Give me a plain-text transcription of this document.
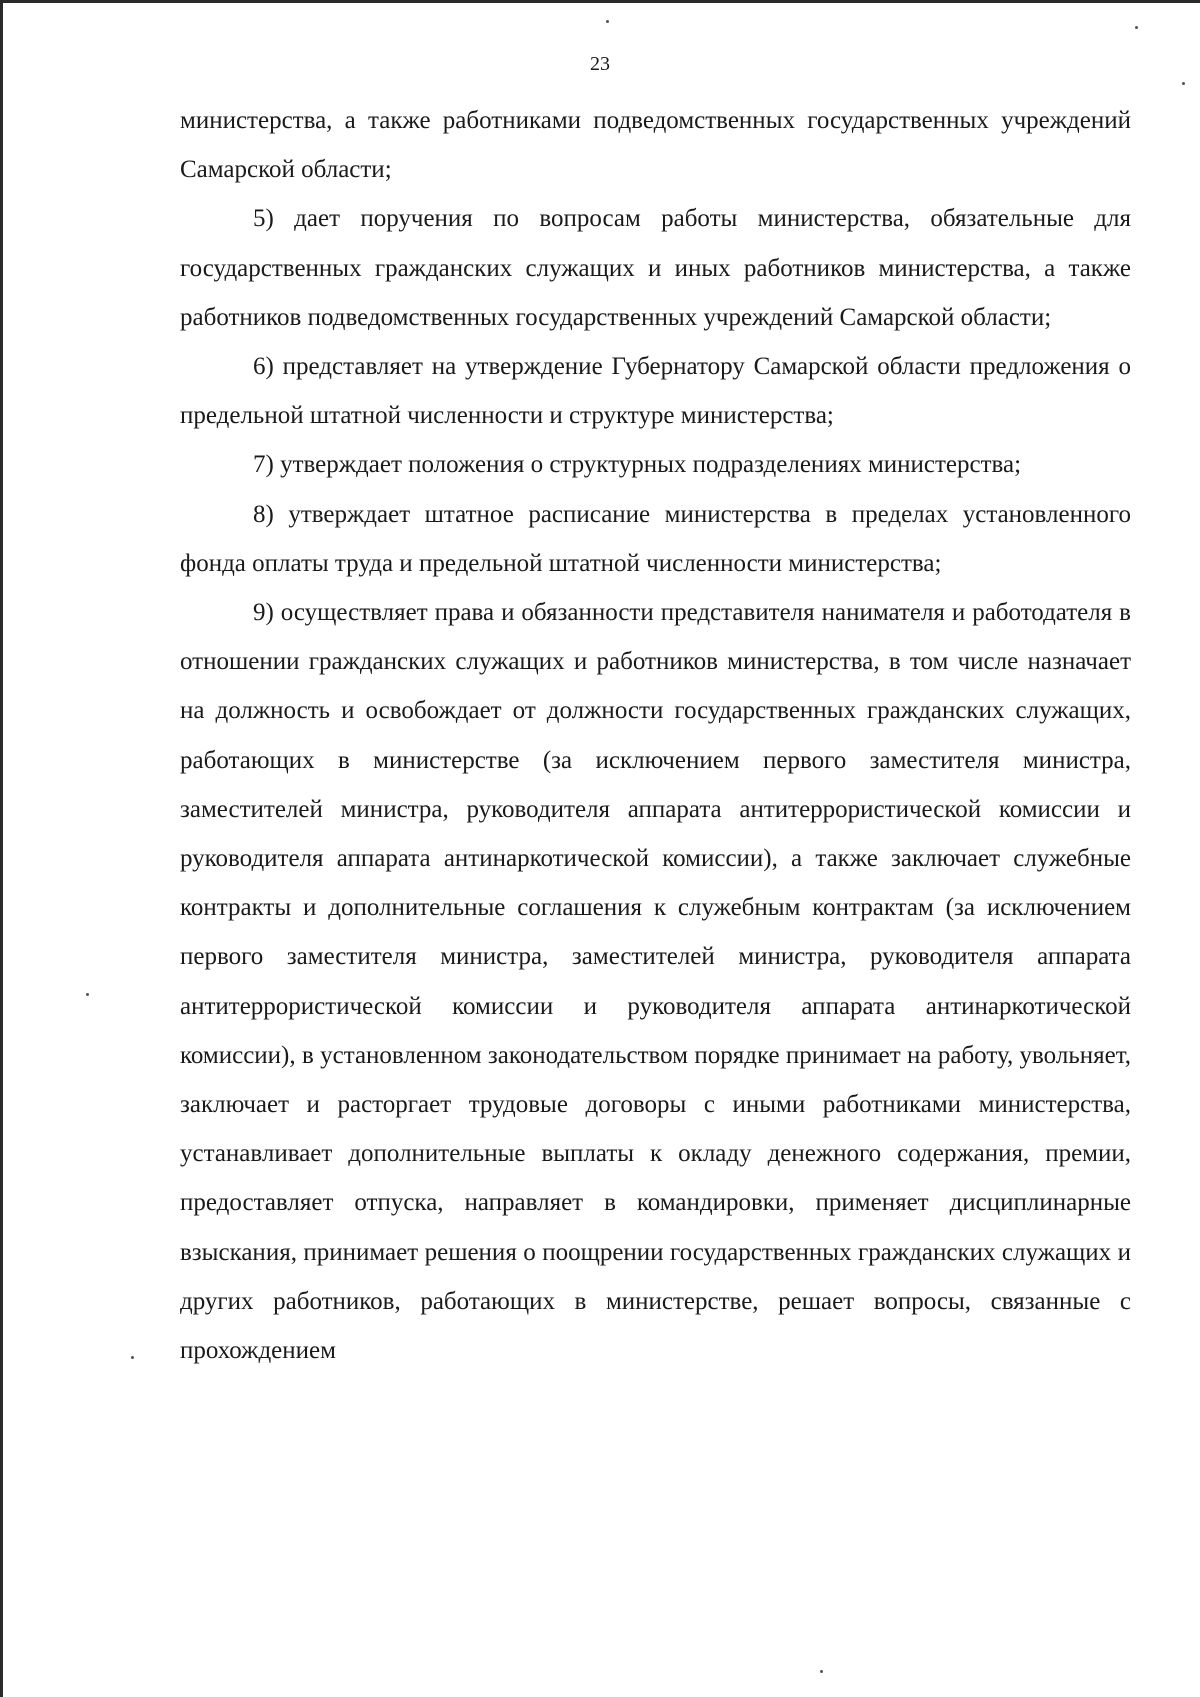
23

министерства, а также работниками подведомственных государственных учреждений Самарской области;

5) дает поручения по вопросам работы министерства, обязательные для государственных гражданских служащих и иных работников министерства, а также работников подведомственных государственных учреждений Самарской области;

6) представляет на утверждение Губернатору Самарской области предложения о предельной штатной численности и структуре министерства;

7) утверждает положения о структурных подразделениях министерства;

8) утверждает штатное расписание министерства в пределах установленного фонда оплаты труда и предельной штатной численности министерства;

9) осуществляет права и обязанности представителя нанимателя и работодателя в отношении гражданских служащих и работников министерства, в том числе назначает на должность и освобождает от должности государственных гражданских служащих, работающих в министерстве (за исключением первого заместителя министра, заместителей министра, руководителя аппарата антитеррористической комиссии и руководителя аппарата антинаркотической комиссии), а также заключает служебные контракты и дополнительные соглашения к служебным контрактам (за исключением первого заместителя министра, заместителей министра, руководителя аппарата антитеррористической комиссии и руководителя аппарата антинаркотической комиссии), в установленном законодательством порядке принимает на работу, увольняет, заключает и расторгает трудовые договоры с иными работниками министерства, устанавливает дополнительные выплаты к окладу денежного содержания, премии, предоставляет отпуска, направляет в командировки, применяет дисциплинарные взыскания, принимает решения о поощрении государственных гражданских служащих и других работников, работающих в министерстве, решает вопросы, связанные с прохождением
